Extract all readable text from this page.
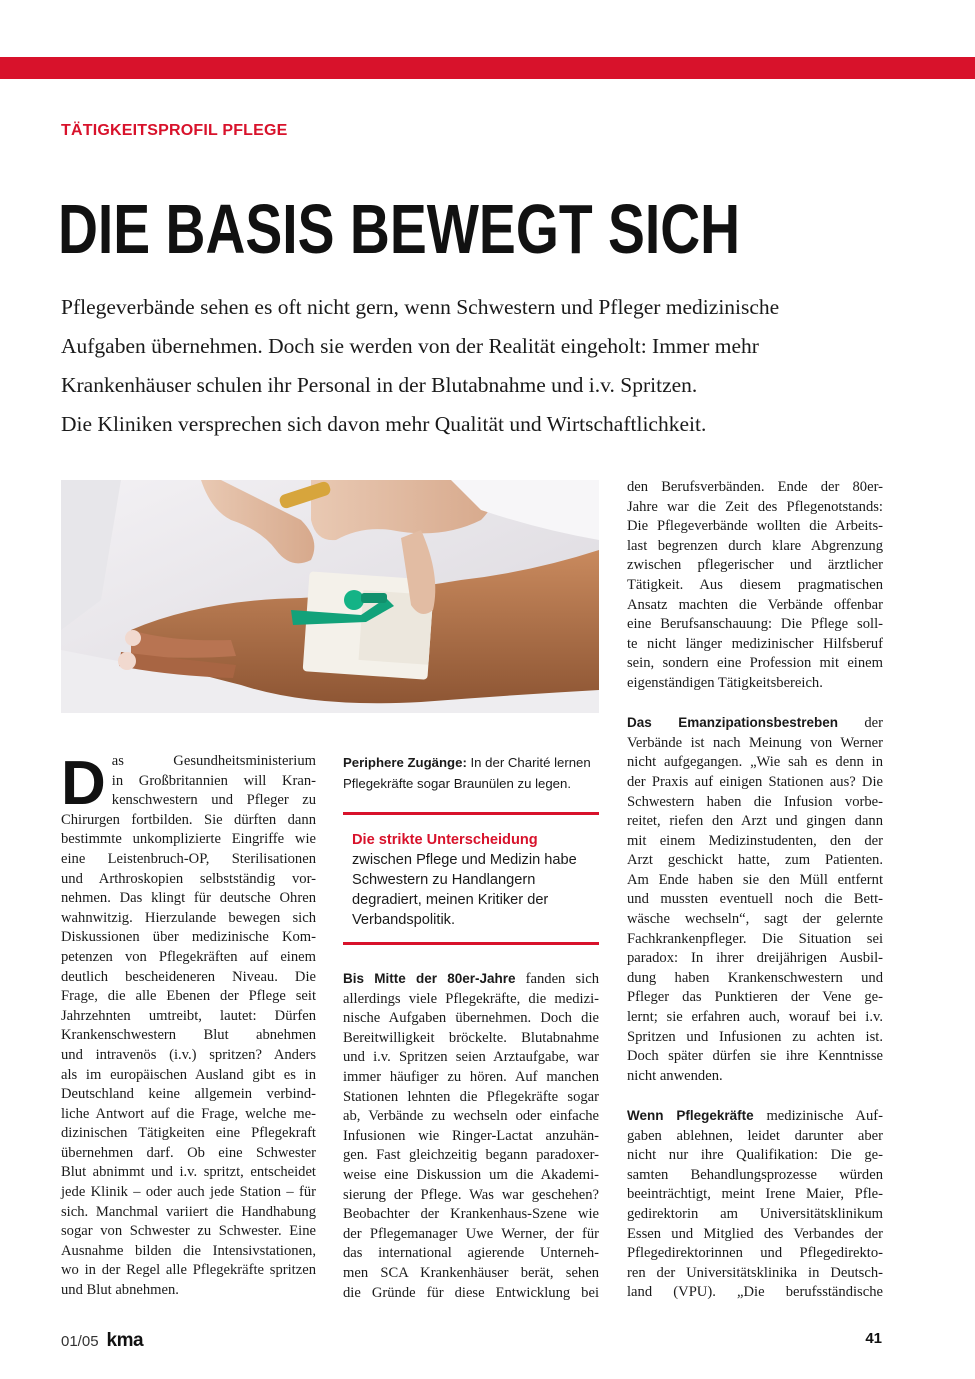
TÄTIGKEITSPROFIL PFLEGE
DIE BASIS BEWEGT SICH
Pflegeverbände sehen es oft nicht gern, wenn Schwestern und Pfleger medizinische
Aufgaben übernehmen. Doch sie werden von der Realität eingeholt: Immer mehr
Krankenhäuser schulen ihr Personal in der Blutabnahme und i.v. Spritzen.
Die Kliniken versprechen sich davon mehr Qualität und Wirtschaftlichkeit.
D as Gesundheitsministerium
in Großbritannien will Kran-
kenschwestern und Pfleger zu
Chirurgen fortbilden. Sie dürften dann
bestimmte unkomplizierte Eingriffe wie
eine Leistenbruch-OP, Sterilisationen
und Arthroskopien selbstständig vor-
nehmen. Das klingt für deutsche Ohren
wahnwitzig. Hierzulande bewegen sich
Diskussionen über medizinische Kom-
petenzen von Pflegekräften auf einem
deutlich bescheideneren Niveau. Die
Frage, die alle Ebenen der Pflege seit
Jahrzehnten umtreibt, lautet: Dürfen
Krankenschwestern Blut abnehmen
und intravenös (i.v.) spritzen? Anders
als im europäischen Ausland gibt es in
Deutschland keine allgemein verbind-
liche Antwort auf die Frage, welche me-
dizinischen Tätigkeiten eine Pflegekraft
übernehmen darf. Ob eine Schwester
Blut abnimmt und i.v. spritzt, entscheidet
jede Klinik – oder auch jede Station – für
sich. Manchmal variiert die Handhabung
sogar von Schwester zu Schwester. Eine
Ausnahme bilden die Intensivstationen,
wo in der Regel alle Pflegekräfte spritzen
und Blut abnehmen.
Periphere Zugänge: In der Charité lernen Pflegekräfte sogar Braunülen zu legen.
Die strikte Unterscheidung zwischen Pflege und Medizin habe Schwestern zu Handlangern degradiert, meinen Kritiker der Verbandspolitik.
Bis Mitte der 80er-Jahre fanden sich
allerdings viele Pflegekräfte, die medizi-
nische Aufgaben übernehmen. Doch die
Bereitwilligkeit bröckelte. Blutabnahme
und i.v. Spritzen seien Arztaufgabe, war
immer häufiger zu hören. Auf manchen
Stationen lehnten die Pflegekräfte sogar
ab, Verbände zu wechseln oder einfache
Infusionen wie Ringer-Lactat anzuhän-
gen. Fast gleichzeitig begann paradoxer-
weise eine Diskussion um die Akademi-
sierung der Pflege. Was war geschehen?
Beobachter der Krankenhaus-Szene wie
der Pflegemanager Uwe Werner, der für
das international agierende Unterneh-
men SCA Krankenhäuser berät, sehen
die Gründe für diese Entwicklung bei
den Berufsverbänden. Ende der 80er-
Jahre war die Zeit des Pflegenotstands:
Die Pflegeverbände wollten die Arbeits-
last begrenzen durch klare Abgrenzung
zwischen pflegerischer und ärztlicher
Tätigkeit. Aus diesem pragmatischen
Ansatz machten die Verbände offenbar
eine Berufsanschauung: Die Pflege soll-
te nicht länger medizinischer Hilfsberuf
sein, sondern eine Profession mit einem
eigenständigen Tätigkeitsbereich.
Das Emanzipationsbestreben der
Verbände ist nach Meinung von Werner
nicht aufgegangen. „Wie sah es denn in
der Praxis auf einigen Stationen aus? Die
Schwestern haben die Infusion vorbe-
reitet, riefen den Arzt und gingen dann
mit einem Medizinstudenten, den der
Arzt geschickt hatte, zum Patienten.
Am Ende haben sie den Müll entfernt
und mussten eventuell noch die Bett-
wäsche wechseln“, sagt der gelernte
Fachkrankenpfleger. Die Situation sei
paradox: In ihrer dreijährigen Ausbil-
dung haben Krankenschwestern und
Pfleger das Punktieren der Vene ge-
lernt; sie erfahren auch, worauf bei i.v.
Spritzen und Infusionen zu achten ist.
Doch später dürfen sie ihre Kenntnisse
nicht anwenden.
Wenn Pflegekräfte medizinische Auf-
gaben ablehnen, leidet darunter aber
nicht nur ihre Qualifikation: Die ge-
samten Behandlungsprozesse würden
beeinträchtigt, meint Irene Maier, Pfle-
gedirektorin am Universitätsklinikum
Essen und Mitglied des Verbandes der
Pflegedirektorinnen und Pflegedirekto-
ren der Universitätsklinika in Deutsch-
land (VPU). „Die berufsständische
01/05 kma	41
